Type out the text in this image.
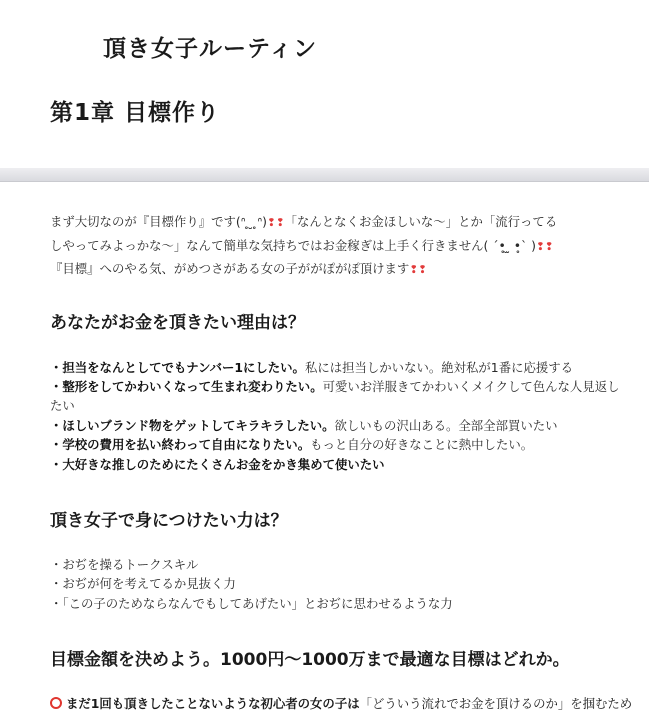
頂き女子ルーティン
第1章 目標作り

まず大切なのが『目標作り』です(ᐢ ̥ ̮ ̥ᐢ)❢❢「なんとなくお金ほしいな〜」とか「流行ってる

しやってみよっかな〜」なんて簡単な気持ちではお金稼ぎは上手く行きません( ´•̥ ̫ •̥` )❢❢

『目標』へのやる気、がめつさがある女の子ががぽがぽ頂けます❢❢

あなたがお金を頂きたい理由は？
・担当をなんとしてでもナンバー1にしたい。私には担当しかいない。絶対私が1番に応援する
・整形をしてかわいくなって生まれ変わりたい。可愛いお洋服きてかわいくメイクして色んな人見返したい
・ほしいブランド物をゲットしてキラキラしたい。欲しいもの沢山ある。全部全部買いたい
・学校の費用を払い終わって自由になりたい。もっと自分の好きなことに熱中したい。
・大好きな推しのためにたくさんお金をかき集めて使いたい
頂き女子で身につけたい力は？
・おぢを操るトークスキル
・おぢが何を考えてるか見抜く力
・「この子のためならなんでもしてあげたい」とおぢに思わせるような力
目標金額を決めよう。1000円〜1000万まで最適な目標はどれか。
まだ1回も頂きしたことないような初心者の女の子は「どういう流れでお金を頂けるのか」を掴むため
